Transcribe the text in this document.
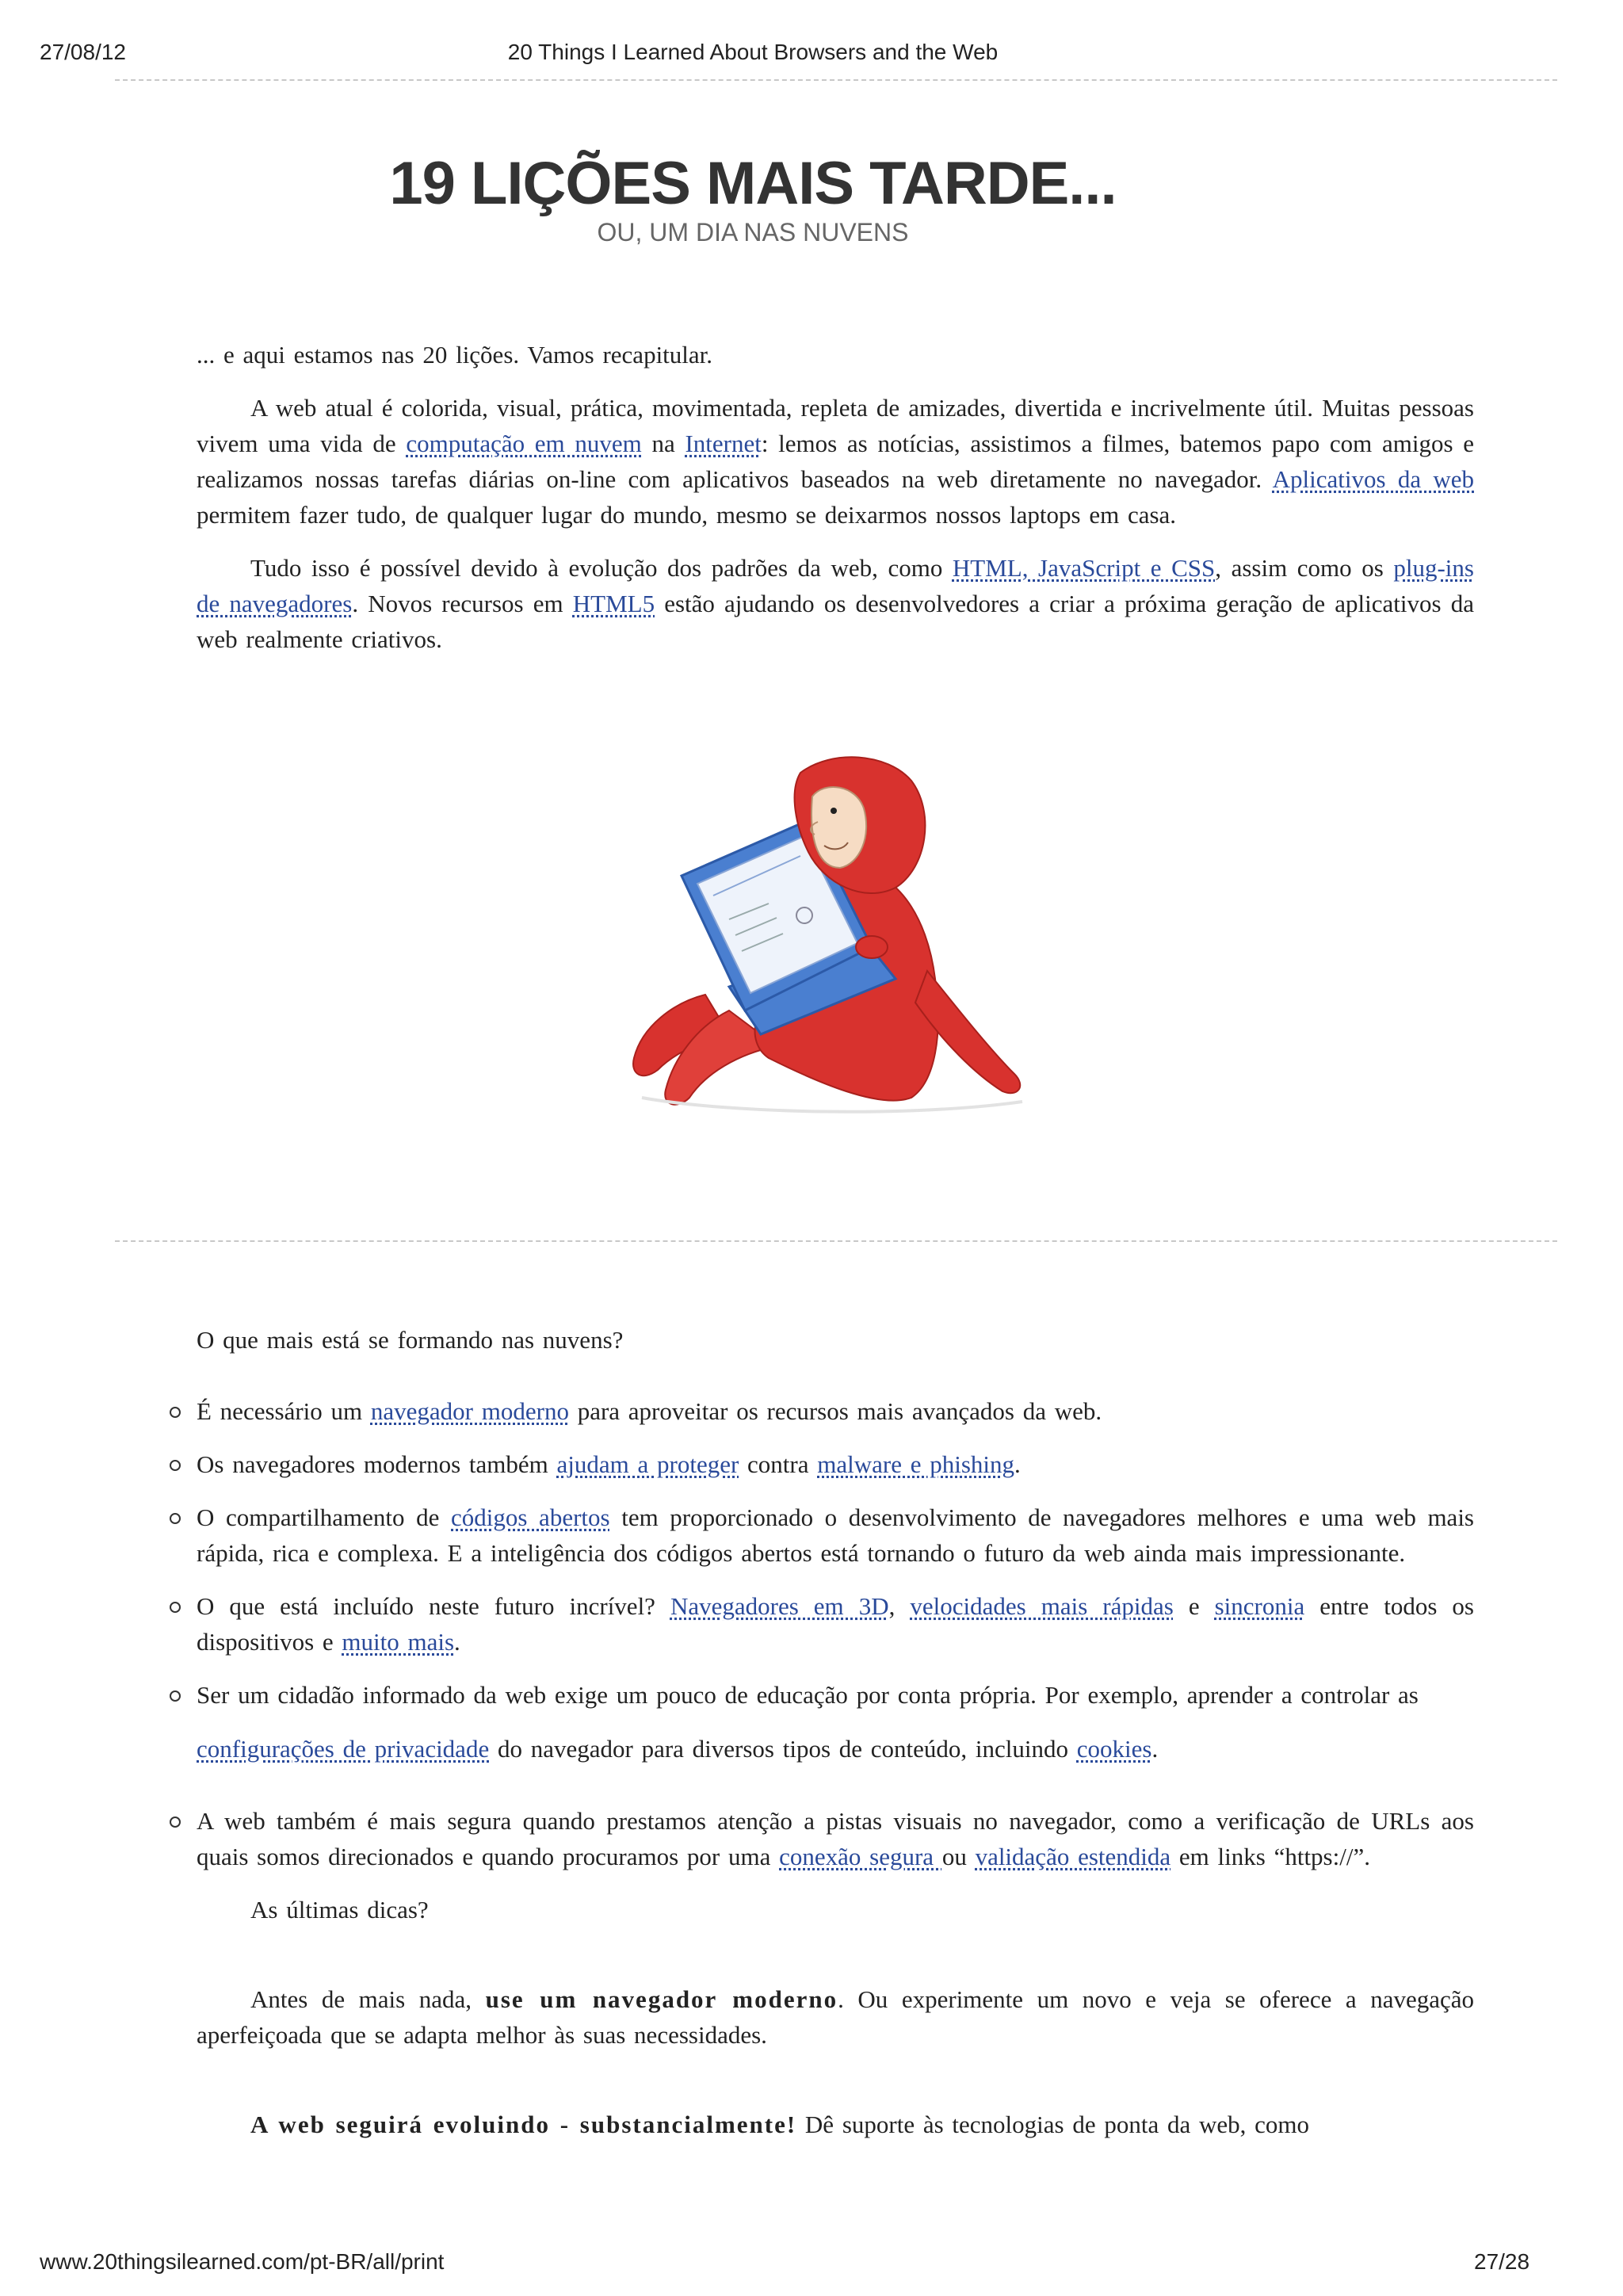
27/08/12	20 Things I Learned About Browsers and the Web
19 LIÇÕES MAIS TARDE...
OU, UM DIA NAS NUVENS

... e aqui estamos nas 20 lições. Vamos recapitular.

A web atual é colorida, visual, prática, movimentada, repleta de amizades, divertida e incrivelmente útil. Muitas pessoas vivem uma vida de computação em nuvem na Internet: lemos as notícias, assistimos a filmes, batemos papo com amigos e realizamos nossas tarefas diárias on-line com aplicativos baseados na web diretamente no navegador. Aplicativos da web permitem fazer tudo, de qualquer lugar do mundo, mesmo se deixarmos nossos laptops em casa.

Tudo isso é possível devido à evolução dos padrões da web, como HTML, JavaScript e CSS, assim como os plug-ins de navegadores. Novos recursos em HTML5 estão ajudando os desenvolvedores a criar a próxima geração de aplicativos da web realmente criativos.

O que mais está se formando nas nuvens?

É necessário um navegador moderno para aproveitar os recursos mais avançados da web.
Os navegadores modernos também ajudam a proteger contra malware e phishing.
O compartilhamento de códigos abertos tem proporcionado o desenvolvimento de navegadores melhores e uma web mais rápida, rica e complexa. E a inteligência dos códigos abertos está tornando o futuro da web ainda mais impressionante.
O que está incluído neste futuro incrível? Navegadores em 3D, velocidades mais rápidas e sincronia entre todos os dispositivos e muito mais.
Ser um cidadão informado da web exige um pouco de educação por conta própria. Por exemplo, aprender a controlar as

configurações de privacidade do navegador para diversos tipos de conteúdo, incluindo cookies.
A web também é mais segura quando prestamos atenção a pistas visuais no navegador, como a verificação de URLs aos quais somos direcionados e quando procuramos por uma conexão segura ou validação estendida em links “https://”.

As últimas dicas?

Antes de mais nada, use um navegador moderno. Ou experimente um novo e veja se oferece a navegação aperfeiçoada que se adapta melhor às suas necessidades.

A web seguirá evoluindo - substancialmente! Dê suporte às tecnologias de ponta da web, como

www.20thingsilearned.com/pt-BR/all/print	27/28
